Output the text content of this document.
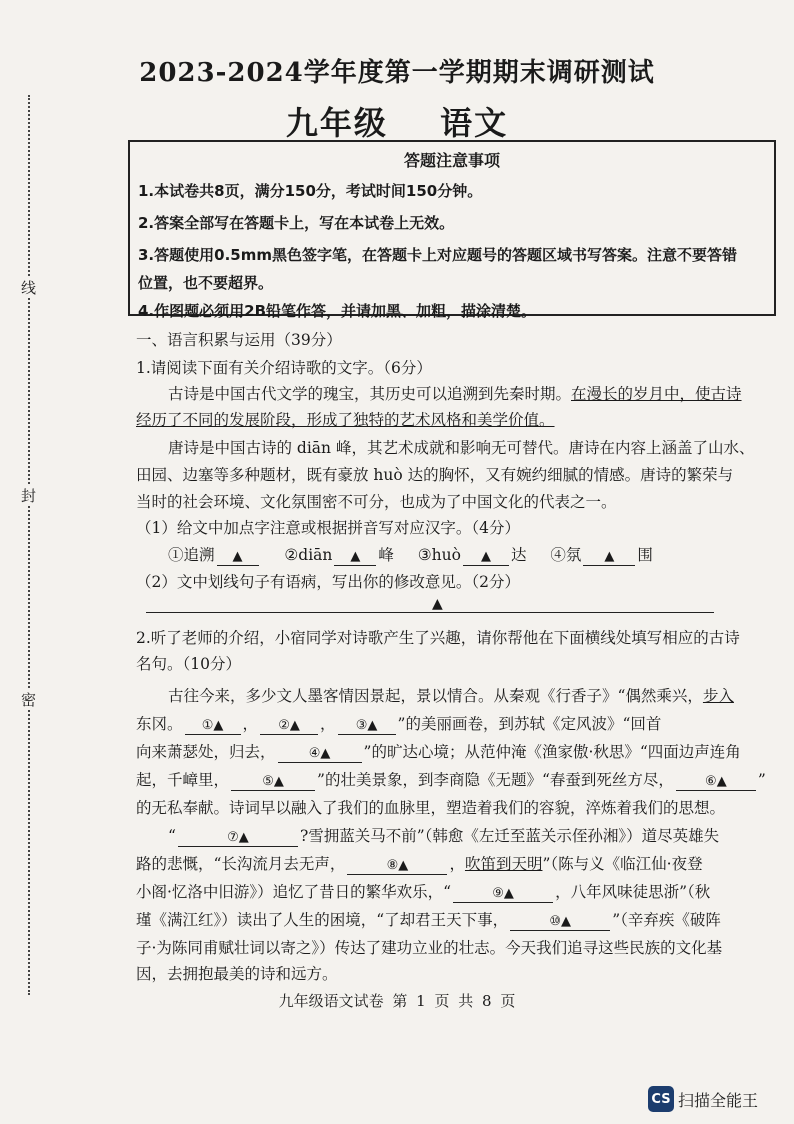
线
封
密
2023-2024学年度第一学期期末调研测试
九年级 语文
答题注意事项
1.本试卷共8页，满分150分，考试时间150分钟。
2.答案全部写在答题卡上，写在本试卷上无效。
3.答题使用0.5mm黑色签字笔，在答题卡上对应题号的答题区域书写答案。注意不要答错
位置，也不要超界。
4.作图题必须用2B铅笔作答，并请加黑、加粗，描涂清楚。
一、语言积累与运用（39分）
1.请阅读下面有关介绍诗歌的文字。（6分）
古诗是中国古代文学的瑰宝，其历史可以追溯到先秦时期。在漫长的岁月中，使古诗
经历了不同的发展阶段，形成了独特的艺术风格和美学价值。
唐诗是中国古诗的 diān 峰，其艺术成就和影响无可替代。唐诗在内容上涵盖了山水、
田园、边塞等多种题材，既有豪放 huò 达的胸怀，又有婉约细腻的情感。唐诗的繁荣与
当时的社会环境、文化氛围密不可分，也成为了中国文化的代表之一。
（1）给文中加点字注意或根据拼音写对应汉字。（4分）
①追溯 ▲	②diān ▲ 峰 ③huò ▲ 达 ④氛 ▲ 围
（2）文中划线句子有语病，写出你的修改意见。（2分）
▲
2.听了老师的介绍，小宿同学对诗歌产生了兴趣，请你帮他在下面横线处填写相应的古诗
名句。（10分）
古往今来，多少文人墨客情因景起，景以情合。从秦观《行香子》“偶然乘兴，步入
东冈。 ①▲ ， ②▲ ， ③▲ ”的美丽画卷，到苏轼《定风波》“回首
向来萧瑟处，归去，	④▲ ”的旷达心境；从范仲淹《渔家傲·秋思》“四面边声连角
起，千嶂里，	⑤▲ ”的壮美景象，到李商隐《无题》“春蚕到死丝方尽， ⑥▲ ”
的无私奉献。诗词早以融入了我们的血脉里，塑造着我们的容貌，淬炼着我们的思想。
“	⑦▲	?雪拥蓝关马不前”（韩愈《左迁至蓝关示侄孙湘》）道尽英雄失
路的悲慨，“长沟流月去无声，	⑧▲	，吹笛到天明”（陈与义《临江仙·夜登
小阁·忆洛中旧游》）追忆了昔日的繁华欢乐，“	⑨▲	，八年风味徒思浙”（秋
瑾《满江红》）读出了人生的困境，“了却君王天下事，	⑩▲	”（辛弃疾《破阵
子·为陈同甫赋壮词以寄之》）传达了建功立业的壮志。今天我们追寻这些民族的文化基
因，去拥抱最美的诗和远方。
九年级语文试卷 第 1 页 共 8 页
CS 扫描全能王
